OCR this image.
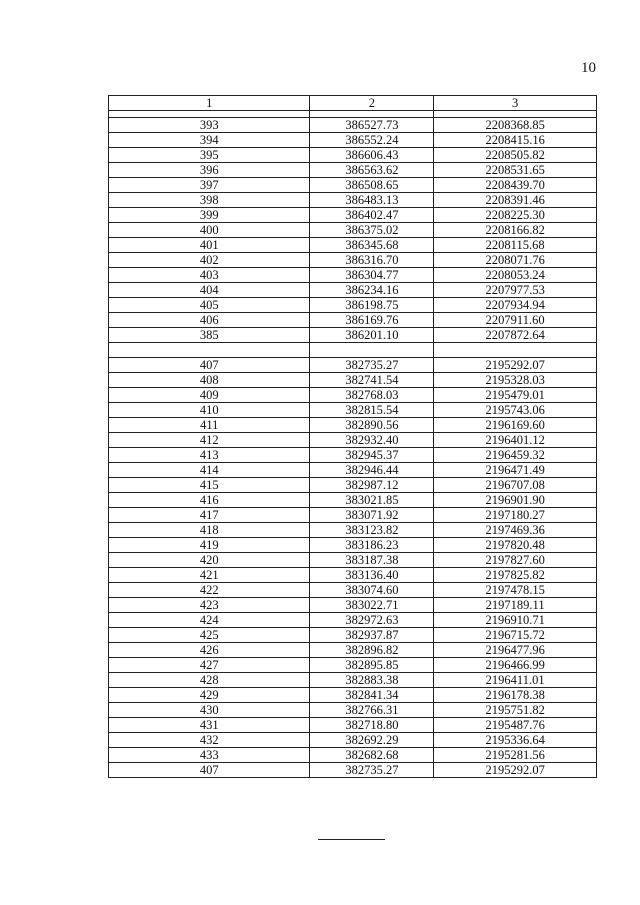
10
1	2	3

393	386527.73	2208368.85
394	386552.24	2208415.16
395	386606.43	2208505.82
396	386563.62	2208531.65
397	386508.65	2208439.70
398	386483.13	2208391.46
399	386402.47	2208225.30
400	386375.02	2208166.82
401	386345.68	2208115.68
402	386316.70	2208071.76
403	386304.77	2208053.24
404	386234.16	2207977.53
405	386198.75	2207934.94
406	386169.76	2207911.60
385	386201.10	2207872.64

407	382735.27	2195292.07
408	382741.54	2195328.03
409	382768.03	2195479.01
410	382815.54	2195743.06
411	382890.56	2196169.60
412	382932.40	2196401.12
413	382945.37	2196459.32
414	382946.44	2196471.49
415	382987.12	2196707.08
416	383021.85	2196901.90
417	383071.92	2197180.27
418	383123.82	2197469.36
419	383186.23	2197820.48
420	383187.38	2197827.60
421	383136.40	2197825.82
422	383074.60	2197478.15
423	383022.71	2197189.11
424	382972.63	2196910.71
425	382937.87	2196715.72
426	382896.82	2196477.96
427	382895.85	2196466.99
428	382883.38	2196411.01
429	382841.34	2196178.38
430	382766.31	2195751.82
431	382718.80	2195487.76
432	382692.29	2195336.64
433	382682.68	2195281.56
407	382735.27	2195292.07
